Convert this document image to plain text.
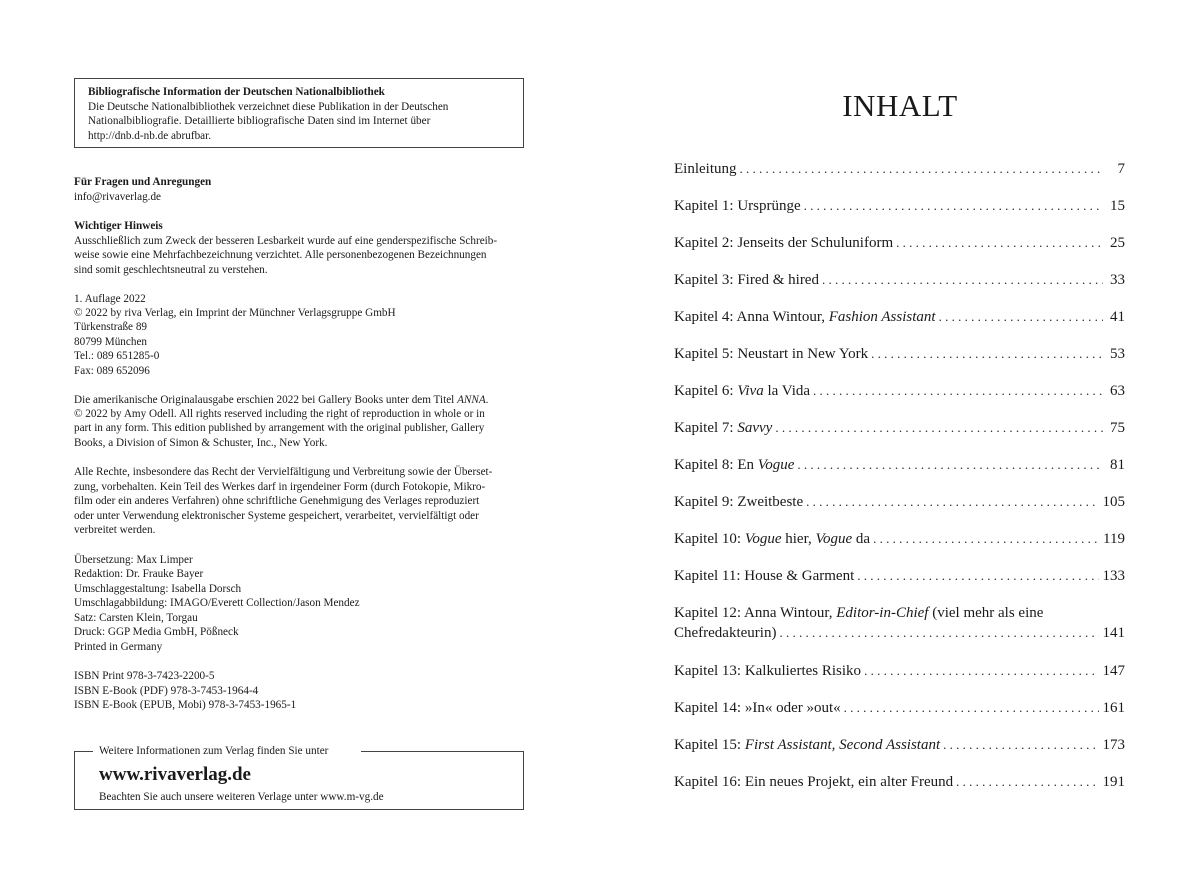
Bibliografische Information der Deutschen Nationalbibliothek
Die Deutsche Nationalbibliothek verzeichnet diese Publikation in der Deutschen
Nationalbibliografie. Detaillierte bibliografische Daten sind im Internet über
http://dnb.d-nb.de abrufbar.
Für Fragen und Anregungen
info@rivaverlag.de
Wichtiger Hinweis
Ausschließlich zum Zweck der besseren Lesbarkeit wurde auf eine genderspezifische Schreib-
weise sowie eine Mehrfachbezeichnung verzichtet. Alle personenbezogenen Bezeichnungen
sind somit geschlechtsneutral zu verstehen.
1. Auflage 2022
© 2022 by riva Verlag, ein Imprint der Münchner Verlagsgruppe GmbH
Türkenstraße 89
80799 München
Tel.: 089 651285-0
Fax: 089 652096
Die amerikanische Originalausgabe erschien 2022 bei Gallery Books unter dem Titel ANNA.
© 2022 by Amy Odell. All rights reserved including the right of reproduction in whole or in
part in any form. This edition published by arrangement with the original publisher, Gallery
Books, a Division of Simon & Schuster, Inc., New York.
Alle Rechte, insbesondere das Recht der Vervielfältigung und Verbreitung sowie der Überset-
zung, vorbehalten. Kein Teil des Werkes darf in irgendeiner Form (durch Fotokopie, Mikro-
film oder ein anderes Verfahren) ohne schriftliche Genehmigung des Verlages reproduziert
oder unter Verwendung elektronischer Systeme gespeichert, verarbeitet, vervielfältigt oder
verbreitet werden.
Übersetzung: Max Limper
Redaktion: Dr. Frauke Bayer
Umschlaggestaltung: Isabella Dorsch
Umschlagabbildung: IMAGO/Everett Collection/Jason Mendez
Satz: Carsten Klein, Torgau
Druck: GGP Media GmbH, Pößneck
Printed in Germany
ISBN Print 978-3-7423-2200-5
ISBN E-Book (PDF) 978-3-7453-1964-4
ISBN E-Book (EPUB, Mobi) 978-3-7453-1965-1
Weitere Informationen zum Verlag finden Sie unter
www.rivaverlag.de
Beachten Sie auch unsere weiteren Verlage unter www.m-vg.de
INHALT
Einleitung . . .	7
Kapitel 1: Ursprünge . . .	15
Kapitel 2: Jenseits der Schuluniform . . .	25
Kapitel 3: Fired & hired . . .	33
Kapitel 4: Anna Wintour, Fashion Assistant . . .	41
Kapitel 5: Neustart in New York . . .	53
Kapitel 6: Viva la Vida . . .	63
Kapitel 7: Savvy . . .	75
Kapitel 8: En Vogue . . .	81
Kapitel 9: Zweitbeste . . .	105
Kapitel 10: Vogue hier, Vogue da . . .	119
Kapitel 11: House & Garment . . .	133
Kapitel 12: Anna Wintour, Editor-in-Chief (viel mehr als eine
Chefredakteurin) . . .	141
Kapitel 13: Kalkuliertes Risiko . . .	147
Kapitel 14: »In« oder »out« . . .	161
Kapitel 15: First Assistant, Second Assistant . . .	173
Kapitel 16: Ein neues Projekt, ein alter Freund . . .	191
